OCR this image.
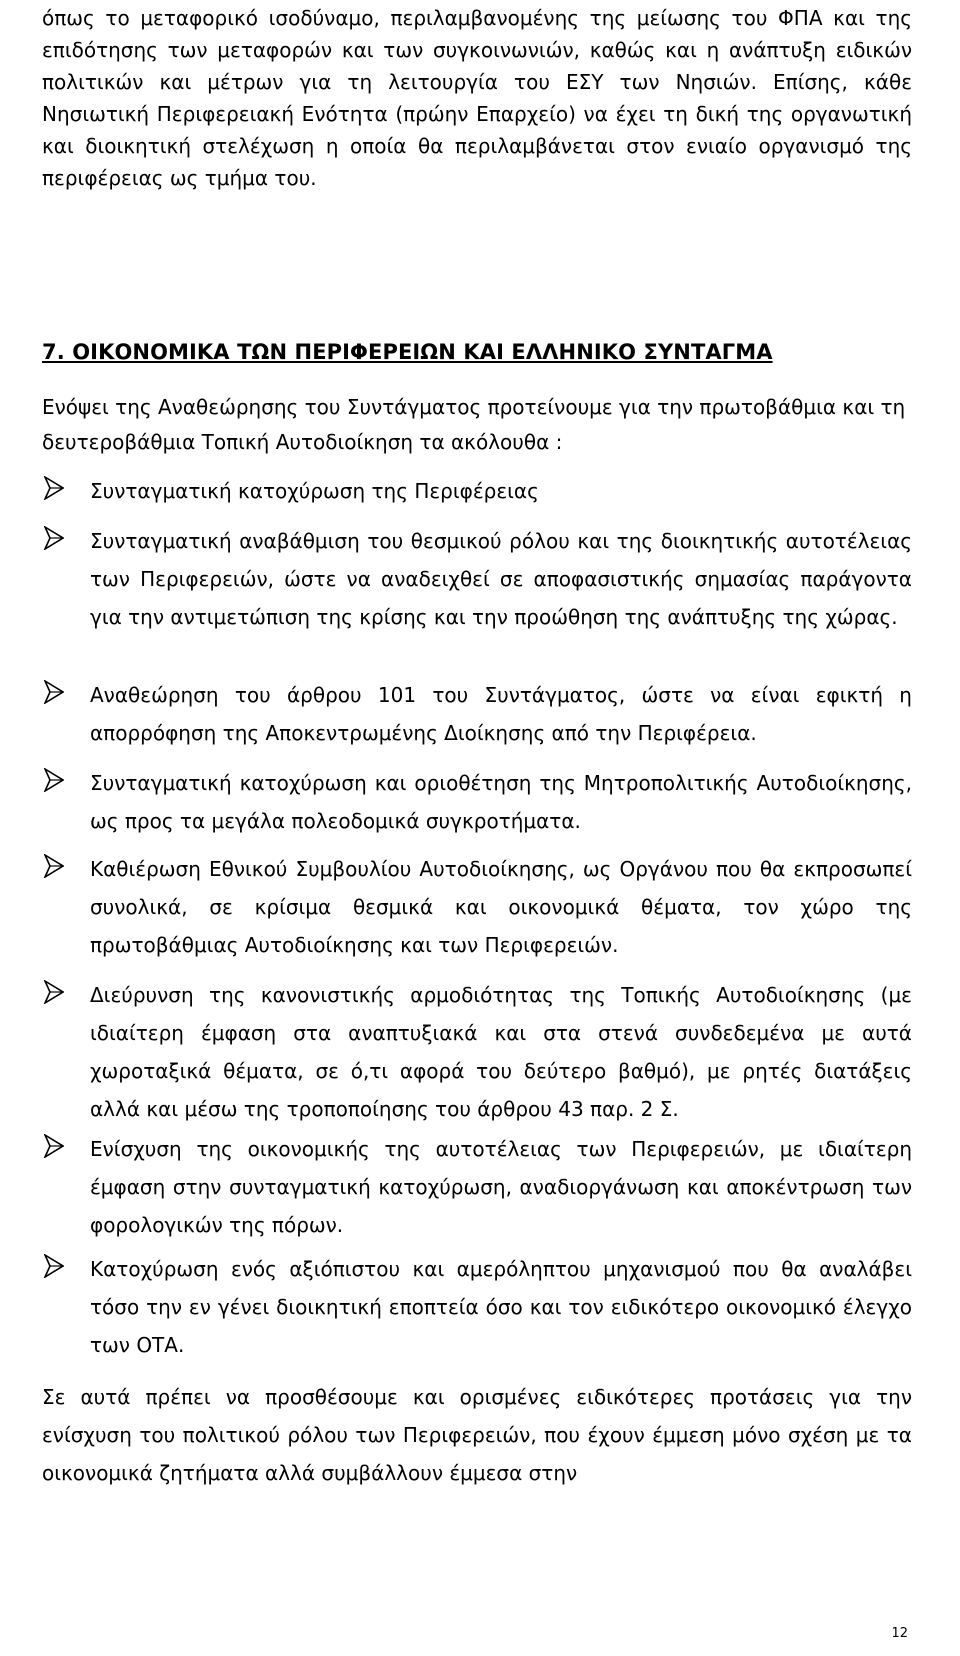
όπως το μεταφορικό ισοδύναμο, περιλαμβανομένης της μείωσης του ΦΠΑ και της επιδότησης των μεταφορών και των συγκοινωνιών, καθώς και η ανάπτυξη ειδικών πολιτικών και μέτρων για τη λειτουργία του ΕΣΥ των Νησιών. Επίσης, κάθε Νησιωτική Περιφερειακή Ενότητα (πρώην Επαρχείο) να έχει τη δική της οργανωτική και διοικητική στελέχωση η οποία θα περιλαμβάνεται στον ενιαίο οργανισμό της περιφέρειας ως τμήμα του.

7. ΟΙΚΟΝΟΜΙΚΑ ΤΩΝ ΠΕΡΙΦΕΡΕΙΩΝ ΚΑΙ ΕΛΛΗΝΙΚΟ ΣΥΝΤΑΓΜΑ

Ενόψει της Αναθεώρησης του Συντάγματος προτείνουμε για την πρωτοβάθμια και τη δευτεροβάθμια Τοπική Αυτοδιοίκηση τα ακόλουθα :

Συνταγματική κατοχύρωση της Περιφέρειας
Συνταγματική αναβάθμιση του θεσμικού ρόλου και της διοικητικής αυτοτέλειας των Περιφερειών, ώστε να αναδειχθεί σε αποφασιστικής σημασίας παράγοντα για την αντιμετώπιση της κρίσης και την προώθηση της ανάπτυξης της χώρας.
Αναθεώρηση του άρθρου 101 του Συντάγματος, ώστε να είναι εφικτή η απορρόφηση της Αποκεντρωμένης Διοίκησης από την Περιφέρεια.
Συνταγματική κατοχύρωση και οριοθέτηση της Μητροπολιτικής Αυτοδιοίκησης, ως προς τα μεγάλα πολεοδομικά συγκροτήματα.
Καθιέρωση Εθνικού Συμβουλίου Αυτοδιοίκησης, ως Οργάνου που θα εκπροσωπεί συνολικά, σε κρίσιμα θεσμικά και οικονομικά θέματα, τον χώρο της πρωτοβάθμιας Αυτοδιοίκησης και των Περιφερειών.
Διεύρυνση της κανονιστικής αρμοδιότητας της Τοπικής Αυτοδιοίκησης (με ιδιαίτερη έμφαση στα αναπτυξιακά και στα στενά συνδεδεμένα με αυτά χωροταξικά θέματα, σε ό,τι αφορά του δεύτερο βαθμό), με ρητές διατάξεις αλλά και μέσω της τροποποίησης του άρθρου 43 παρ. 2 Σ.
Ενίσχυση της οικονομικής της αυτοτέλειας των Περιφερειών, με ιδιαίτερη έμφαση στην συνταγματική κατοχύρωση, αναδιοργάνωση και αποκέντρωση των φορολογικών της πόρων.
Κατοχύρωση ενός αξιόπιστου και αμερόληπτου μηχανισμού που θα αναλάβει τόσο την εν γένει διοικητική εποπτεία όσο και τον ειδικότερο οικονομικό έλεγχο των ΟΤΑ.
Σε αυτά πρέπει να προσθέσουμε και ορισμένες ειδικότερες προτάσεις για την ενίσχυση του πολιτικού ρόλου των Περιφερειών, που έχουν έμμεση μόνο σχέση με τα οικονομικά ζητήματα αλλά συμβάλλουν έμμεσα στην
12
